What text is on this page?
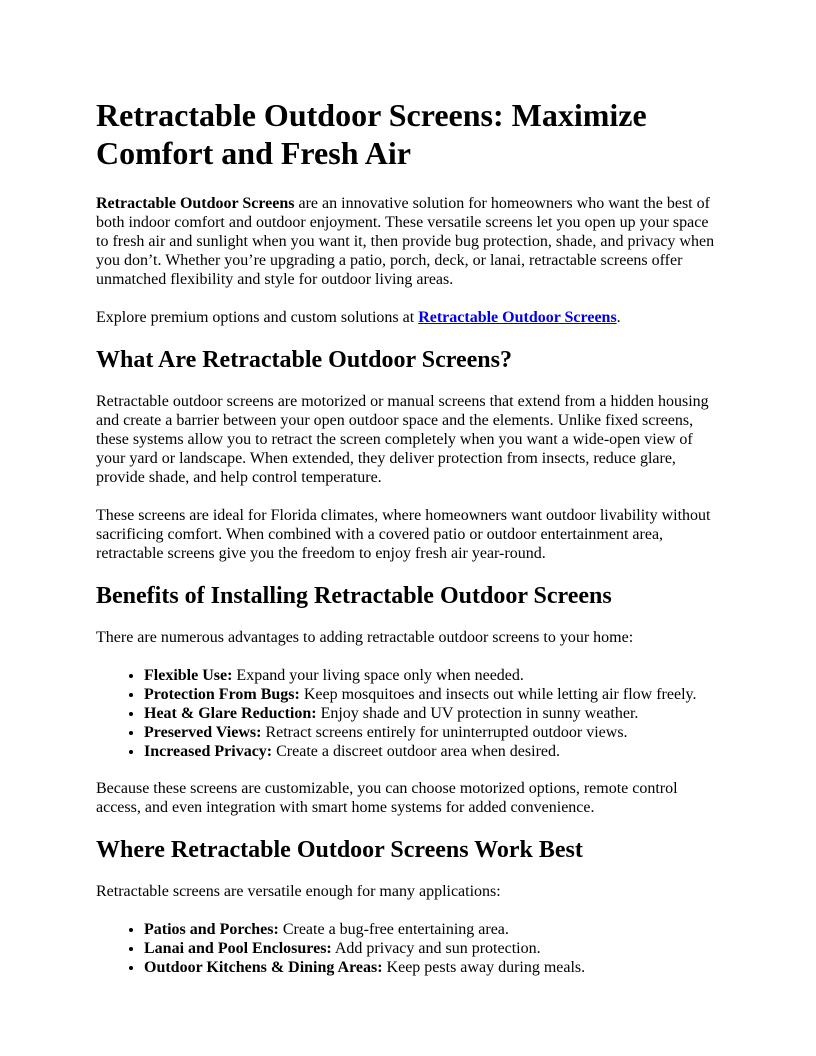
Retractable Outdoor Screens: Maximize Comfort and Fresh Air

Retractable Outdoor Screens are an innovative solution for homeowners who want the best of both indoor comfort and outdoor enjoyment. These versatile screens let you open up your space to fresh air and sunlight when you want it, then provide bug protection, shade, and privacy when you don’t. Whether you’re upgrading a patio, porch, deck, or lanai, retractable screens offer unmatched flexibility and style for outdoor living areas.

Explore premium options and custom solutions at Retractable Outdoor Screens.

What Are Retractable Outdoor Screens?

Retractable outdoor screens are motorized or manual screens that extend from a hidden housing and create a barrier between your open outdoor space and the elements. Unlike fixed screens, these systems allow you to retract the screen completely when you want a wide-open view of your yard or landscape. When extended, they deliver protection from insects, reduce glare, provide shade, and help control temperature.

These screens are ideal for Florida climates, where homeowners want outdoor livability without sacrificing comfort. When combined with a covered patio or outdoor entertainment area, retractable screens give you the freedom to enjoy fresh air year-round.

Benefits of Installing Retractable Outdoor Screens

There are numerous advantages to adding retractable outdoor screens to your home:

• Flexible Use: Expand your living space only when needed.
• Protection From Bugs: Keep mosquitoes and insects out while letting air flow freely.
• Heat & Glare Reduction: Enjoy shade and UV protection in sunny weather.
• Preserved Views: Retract screens entirely for uninterrupted outdoor views.
• Increased Privacy: Create a discreet outdoor area when desired.

Because these screens are customizable, you can choose motorized options, remote control access, and even integration with smart home systems for added convenience.

Where Retractable Outdoor Screens Work Best

Retractable screens are versatile enough for many applications:

• Patios and Porches: Create a bug-free entertaining area.
• Lanai and Pool Enclosures: Add privacy and sun protection.
• Outdoor Kitchens & Dining Areas: Keep pests away during meals.
